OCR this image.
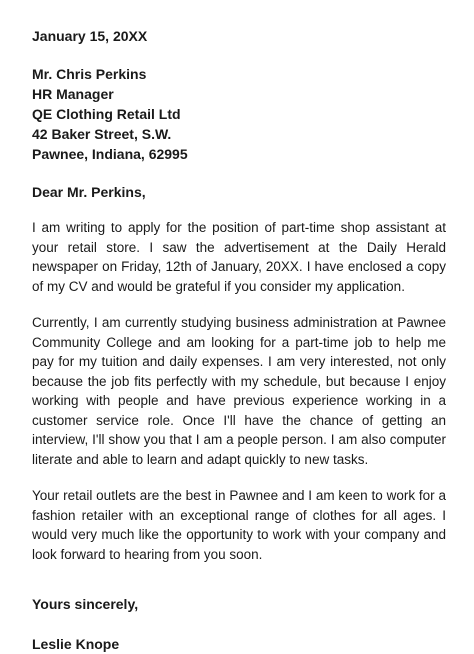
January 15, 20XX
Mr. Chris Perkins
HR Manager
QE Clothing Retail Ltd
42 Baker Street, S.W.
Pawnee, Indiana, 62995
Dear Mr. Perkins,

I am writing to apply for the position of part-time shop assistant at your retail store. I saw the advertisement at the Daily Herald newspaper on Friday, 12th of January, 20XX. I have enclosed a copy of my CV and would be grateful if you consider my application.

Currently, I am currently studying business administration at Pawnee Community College and am looking for a part-time job to help me pay for my tuition and daily expenses. I am very interested, not only because the job fits perfectly with my schedule, but because I enjoy working with people and have previous experience working in a customer service role. Once I'll have the chance of getting an interview, I'll show you that I am a people person. I am also computer literate and able to learn and adapt quickly to new tasks.

Your retail outlets are the best in Pawnee and I am keen to work for a fashion retailer with an exceptional range of clothes for all ages. I would very much like the opportunity to work with your company and look forward to hearing from you soon.

Yours sincerely,
Leslie Knope
